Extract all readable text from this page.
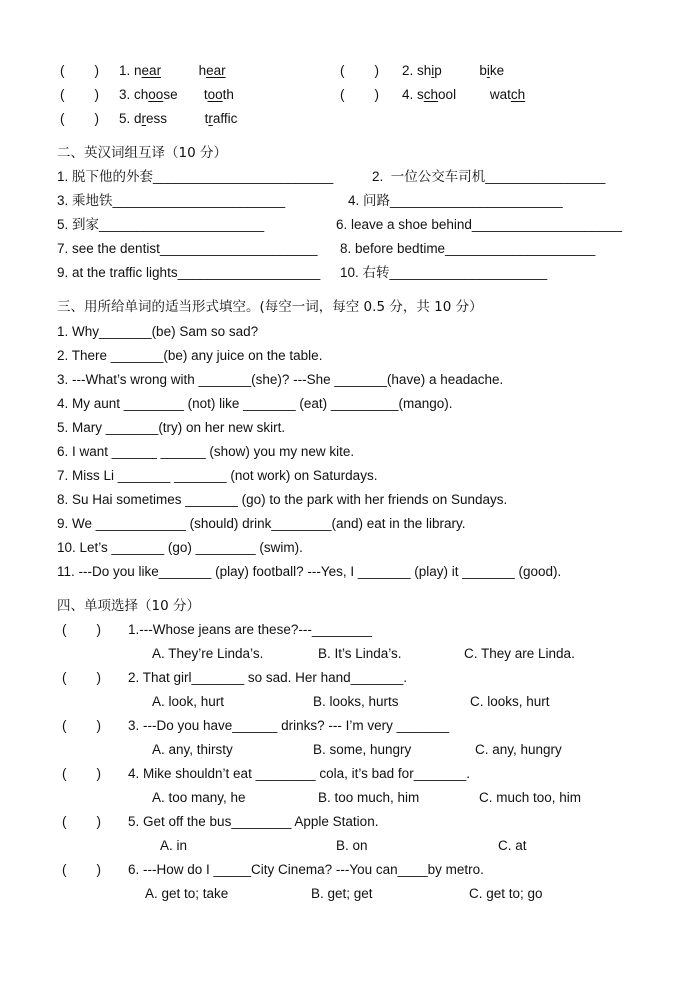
(        ) 1. near	hear	(        ) 2. ship	bike
(        ) 3. choose tooth	(        ) 4. school	watch
(        ) 5. dress	traffic
二、英汉词组互译（10 分）
1. 脱下他的外套________________________	2.  一位公交车司机________________
3. 乘地铁_______________________	4. 问路_______________________
5. 到家______________________	6. leave a shoe behind____________________
7. see the dentist_____________________ 8. before bedtime____________________
9. at the traffic lights___________________ 10. 右转_____________________
三、用所给单词的适当形式填空。(每空一词，每空 0.5 分，共 10 分）
1. Why_______(be) Sam so sad?
2. There _______(be) any juice on the table.
3. ---What’s wrong with _______(she)? ---She _______(have) a headache.
4. My aunt ________ (not) like _______ (eat) _________(mango).
5. Mary _______(try) on her new skirt.
6. I want ______ ______ (show) you my new kite.
7. Miss Li _______ _______ (not work) on Saturdays.
8. Su Hai sometimes _______ (go) to the park with her friends on Sundays.
9. We ____________ (should) drink________(and) eat in the library.
10. Let’s _______ (go) ________ (swim).
11. ---Do you like_______ (play) football? ---Yes, I _______ (play) it _______ (good).
四、单项选择（10 分）
(        ) 1.---Whose jeans are these?---________
A. They’re Linda’s.	B. It’s Linda’s.	C. They are Linda.
(        ) 2. That girl_______ so sad. Her hand_______.
A. look, hurt	B. looks, hurts	C. looks, hurt
(        ) 3. ---Do you have______ drinks? --- I’m very _______
A. any, thirsty	B. some, hungry	C. any, hungry
(        ) 4. Mike shouldn’t eat ________ cola, it’s bad for_______.
A. too many, he	B. too much, him	C. much too, him
(        ) 5. Get off the bus________ Apple Station.
A. in	B. on	C. at
(        ) 6. ---How do I _____City Cinema? ---You can____by metro.
A. get to; take	B. get; get	C. get to; go
